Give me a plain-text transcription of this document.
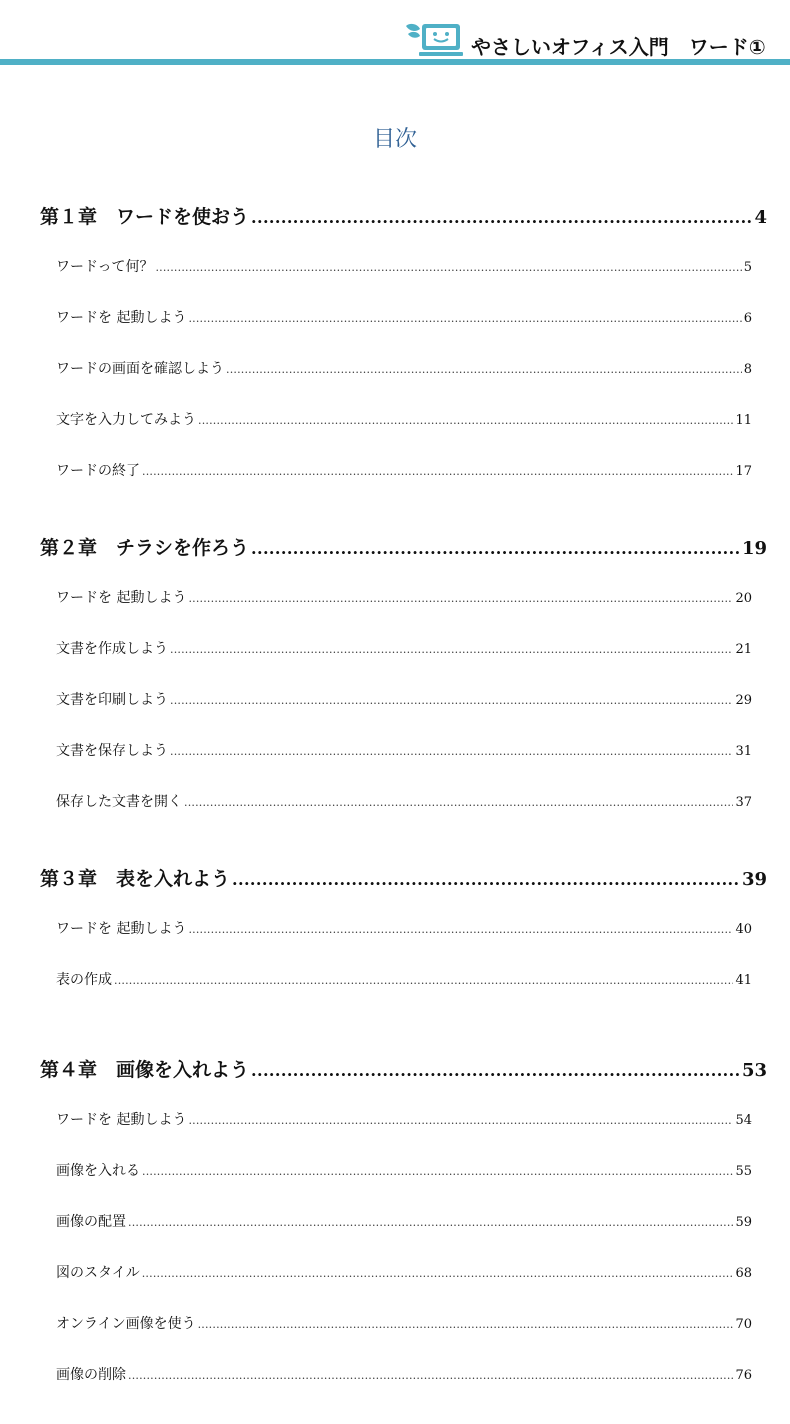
やさしいオフィス入門　ワード①
目次
第１章　ワードを使おう .....	4
ワードって何？ .....	5
ワードを 起動しよう .....	6
ワードの画面を確認しよう .....	8
文字を入力してみよう .....	11
ワードの終了 .....	17
第２章　チラシを作ろう .....	19
ワードを 起動しよう .....	20
文書を作成しよう .....	21
文書を印刷しよう .....	29
文書を保存しよう .....	31
保存した文書を開く .....	37
第３章　表を入れよう .....	39
ワードを 起動しよう .....	40
表の作成 .....	41
第４章　画像を入れよう .....	53
ワードを 起動しよう .....	54
画像を入れる .....	55
画像の配置 .....	59
図のスタイル .....	68
オンライン画像を使う .....	70
画像の削除 .....	76
